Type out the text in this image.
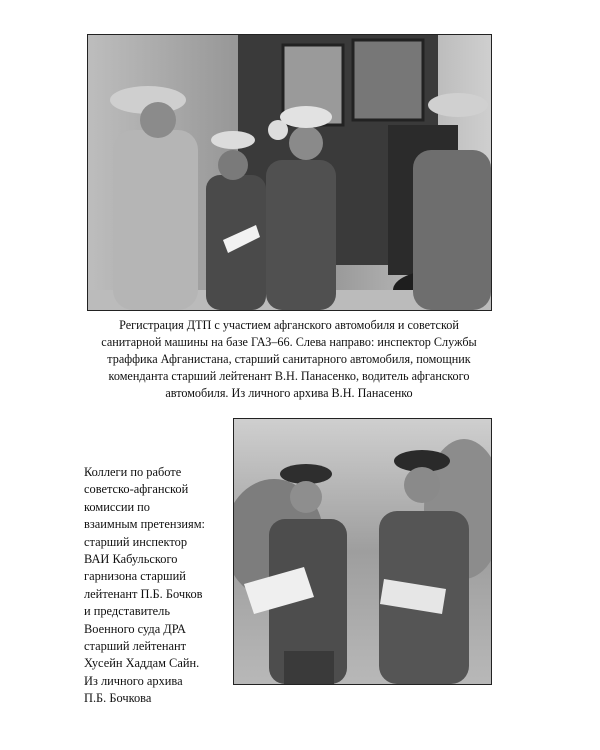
Регистрация ДТП с участием афганского автомобиля и советской
санитарной машины на базе ГАЗ–66. Слева направо: инспектор Службы
траффика Афганистана, старший санитарного автомобиля, помощник
коменданта старший лейтенант В.Н. Панасенко, водитель афганского
автомобиля. Из личного архива В.Н. Панасенко
Коллеги по работе
советско-афганской
комиссии по
взаимным претензиям:
старший инспектор
ВАИ Кабульского
гарнизона старший
лейтенант П.Б. Бочков
и представитель
Военного суда ДРА
старший лейтенант
Хусейн Хаддам Сайн.
Из личного архива
П.Б. Бочкова
